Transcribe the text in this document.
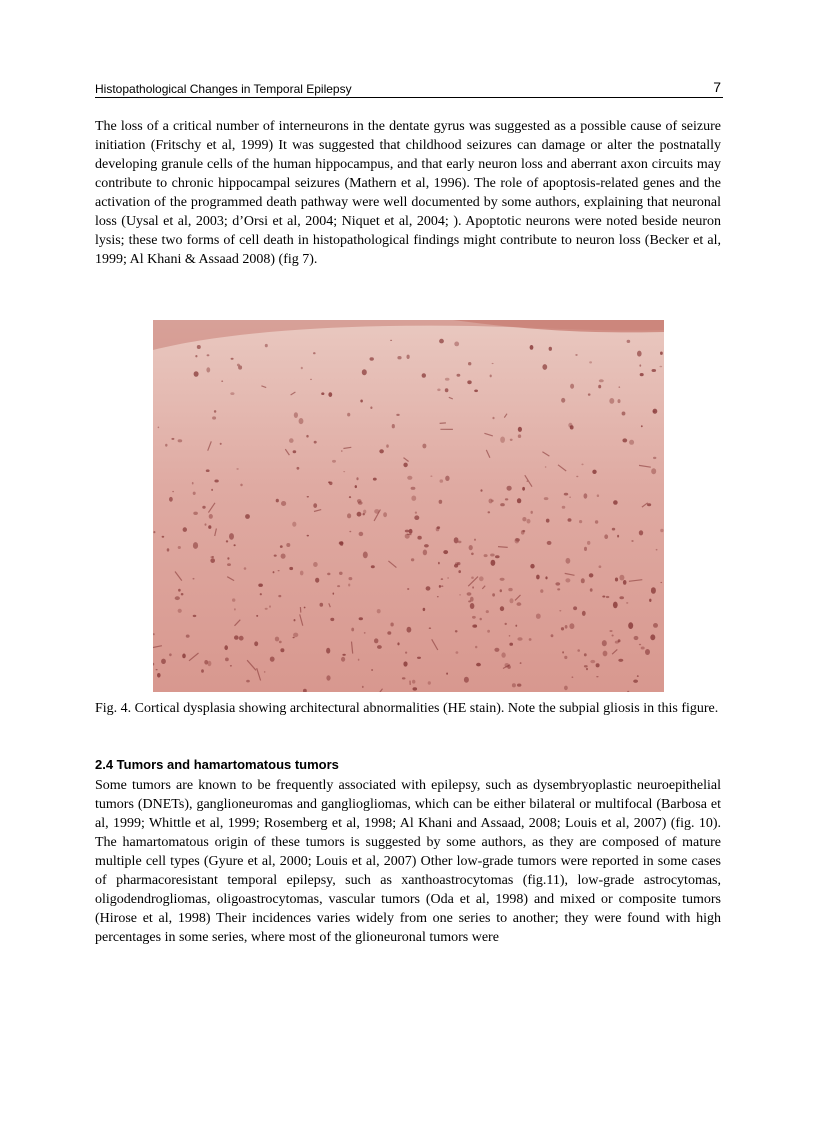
Histopathological Changes in Temporal Epilepsy	7

The loss of a critical number of interneurons in the dentate gyrus was suggested as a possible cause of seizure initiation (Fritschy et al, 1999) It was suggested that childhood seizures can damage or alter the postnatally developing granule cells of the human hippocampus, and that early neuron loss and aberrant axon circuits may contribute to chronic hippocampal seizures (Mathern et al, 1996). The role of apoptosis-related genes and the activation of the programmed death pathway were well documented by some authors, explaining that neuronal loss (Uysal et al, 2003; d’Orsi et al, 2004; Niquet et al, 2004; ). Apoptotic neurons were noted beside neuron lysis; these two forms of cell death in histopathological findings might contribute to neuron loss (Becker et al, 1999; Al Khani & Assaad 2008) (fig 7).

Fig. 4. Cortical dysplasia showing architectural abnormalities (HE stain). Note the subpial gliosis in this figure.
2.4 Tumors and hamartomatous tumors

Some tumors are known to be frequently associated with epilepsy, such as dysembryoplastic neuroepithelial tumors (DNETs), ganglioneuromas and gangliogliomas, which can be either bilateral or multifocal (Barbosa et al, 1999; Whittle et al, 1999; Rosemberg et al, 1998; Al Khani and Assaad, 2008; Louis et al, 2007) (fig. 10). The hamartomatous origin of these tumors is suggested by some authors, as they are composed of mature multiple cell types (Gyure et al, 2000; Louis et al, 2007) Other low-grade tumors were reported in some cases of pharmacoresistant temporal epilepsy, such as xanthoastrocytomas (fig.11), low-grade astrocytomas, oligodendrogliomas, oligoastrocytomas, vascular tumors (Oda et al, 1998) and mixed or composite tumors (Hirose et al, 1998) Their incidences varies widely from one series to another; they were found with high percentages in some series, where most of the glioneuronal tumors were
